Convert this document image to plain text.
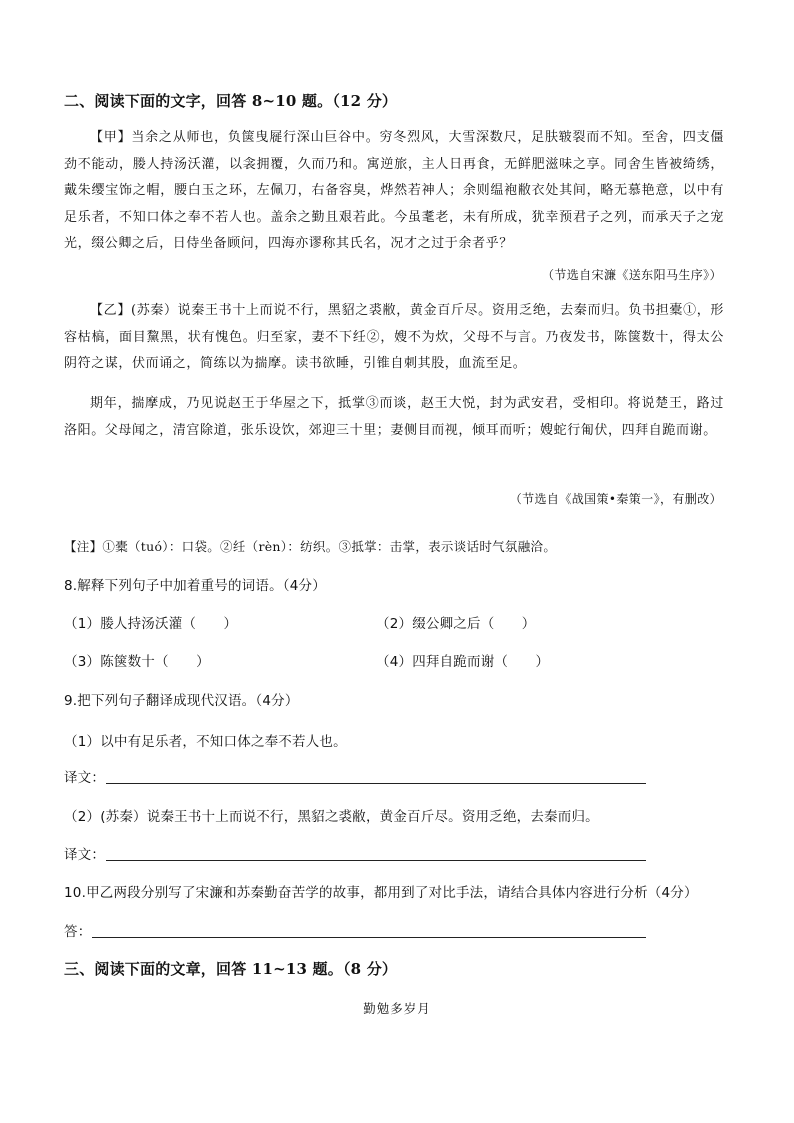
二、阅读下面的文字，回答 8~10 题。（12 分）
【甲】当余之从师也，负箧曳屣行深山巨谷中。穷冬烈风，大雪深数尺，足肤皲裂而不知。至舍，四支僵劲不能动，媵人持汤沃灌，以衾拥覆，久而乃和。寓逆旅，主人日再食，无鲜肥滋味之享。同舍生皆被绮绣，戴朱缨宝饰之帽，腰白玉之环，左佩刀，右备容臭，烨然若神人；余则缊袍敝衣处其间，略无慕艳意，以中有足乐者，不知口体之奉不若人也。盖余之勤且艰若此。今虽耄老，未有所成，犹幸预君子之列，而承天子之宠光，缀公卿之后，日侍坐备顾问，四海亦谬称其氏名，况才之过于余者乎？
（节选自宋濂《送东阳马生序》）
【乙】(苏秦）说秦王书十上而说不行，黑貂之裘敝，黄金百斤尽。资用乏绝，去秦而归。负书担橐①，形容枯槁，面目黧黑，状有愧色。归至家，妻不下纴②，嫂不为炊，父母不与言。乃夜发书，陈箧数十，得太公阴符之谋，伏而诵之，简练以为揣摩。读书欲睡，引锥自刺其股，血流至足。
期年，揣摩成，乃见说赵王于华屋之下，抵掌③而谈，赵王大悦，封为武安君，受相印。将说楚王，路过洛阳。父母闻之，清宫除道，张乐设饮，郊迎三十里；妻侧目而视，倾耳而听；嫂蛇行匍伏，四拜自跪而谢。
（节选自《战国策•秦策一》，有删改）
【注】①橐（tuó）：口袋。②纴（rèn）：纺织。③抵掌：击掌，表示谈话时气氛融洽。
8.解释下列句子中加着重号的词语。（4分）
（1）媵人持汤沃灌（　　）	（2）缀公卿之后（　　）
（3）陈箧数十（　　）	（4）四拜自跪而谢（　　）
9.把下列句子翻译成现代汉语。（4分）
（1）以中有足乐者，不知口体之奉不若人也。
译文：
（2）(苏秦）说秦王书十上而说不行，黑貂之裘敝，黄金百斤尽。资用乏绝，去秦而归。
译文：
10.甲乙两段分别写了宋濂和苏秦勤奋苦学的故事，都用到了对比手法，请结合具体内容进行分析（4分）
答：
三、阅读下面的文章，回答 11~13 题。（8 分）
勤勉多岁月
